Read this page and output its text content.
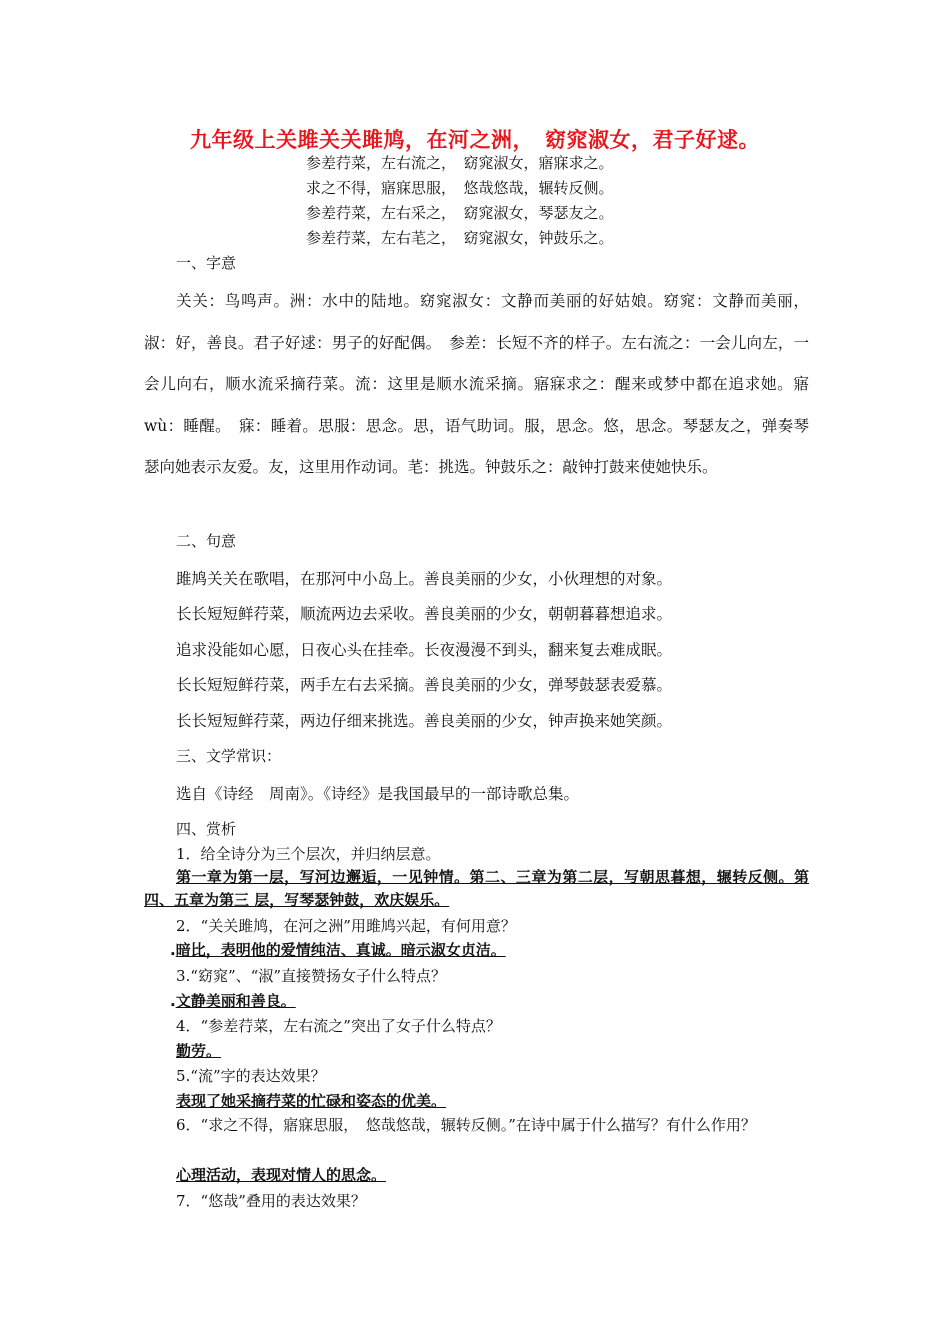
九年级上关雎关关雎鸠，在河之洲，　窈窕淑女，君子好逑。
参差荇菜，左右流之，　窈窕淑女，寤寐求之。
求之不得，寤寐思服，　悠哉悠哉，辗转反侧。
参差荇菜，左右采之，　窈窕淑女，琴瑟友之。
参差荇菜，左右芼之，　窈窕淑女，钟鼓乐之。
一、字意
关关：鸟鸣声。洲：水中的陆地。窈窕淑女：文静而美丽的好姑娘。窈窕：文静而美丽，淑：好，善良。君子好逑：男子的好配偶。　参差：长短不齐的样子。左右流之：一会儿向左，一会儿向右，顺水流采摘荇菜。流：这里是顺水流采摘。寤寐求之：醒来或梦中都在追求她。寤 wù：睡醒。　寐：睡着。思服：思念。思，语气助词。服，思念。悠，思念。琴瑟友之，弹奏琴瑟向她表示友爱。友，这里用作动词。芼：挑选。钟鼓乐之：敲钟打鼓来使她快乐。
二、句意
雎鸠关关在歌唱，在那河中小岛上。善良美丽的少女，小伙理想的对象。
长长短短鲜荇菜，顺流两边去采收。善良美丽的少女，朝朝暮暮想追求。
追求没能如心愿，日夜心头在挂牵。长夜漫漫不到头，翻来复去难成眠。
长长短短鲜荇菜，两手左右去采摘。善良美丽的少女，弹琴鼓瑟表爱慕。
长长短短鲜荇菜，两边仔细来挑选。善良美丽的少女，钟声换来她笑颜。
三、文学常识：
选自《诗经　周南》。《诗经》是我国最早的一部诗歌总集。
四、赏析
1．给全诗分为三个层次，并归纳层意。
第一章为第一层，写河边邂逅，一见钟情。第二、三章为第二层，写朝思暮想，辗转反侧。第四、五章为第三 层，写琴瑟钟鼓，欢庆娱乐。
2．“关关雎鸠，在河之洲”用雎鸠兴起，有何用意？
.暗比，表明他的爱情纯洁、真诚。暗示淑女贞洁。
3.“窈窕”、“淑”直接赞扬女子什么特点？
.文静美丽和善良。
4．“参差荇菜，左右流之”突出了女子什么特点？
勤劳。
5.“流”字的表达效果？
表现了她采摘荇菜的忙碌和姿态的优美。
6．“求之不得，寤寐思服，　悠哉悠哉，辗转反侧。”在诗中属于什么描写？有什么作用？
心理活动，表现对情人的思念。
7．“悠哉”叠用的表达效果？
